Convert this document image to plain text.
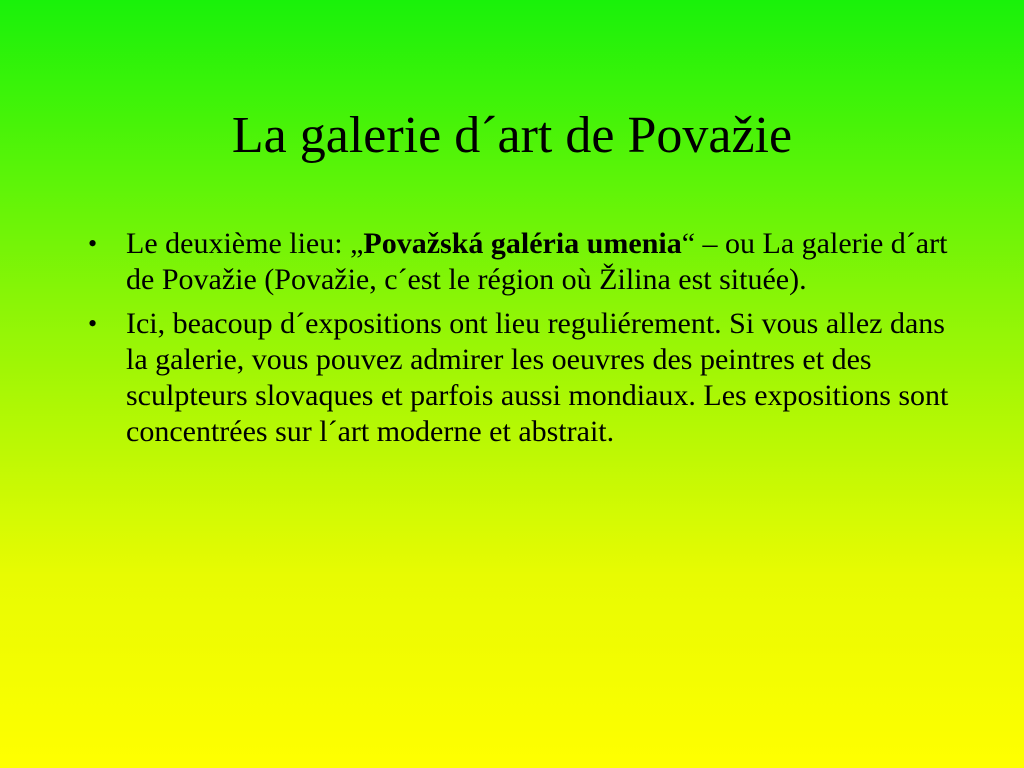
La galerie d´art de Považie
• Le deuxième lieu: „Považská galéria umenia“ – ou La galerie d´art de Považie (Považie, c´est le région où Žilina est située).
• Ici, beacoup d´expositions ont lieu reguliérement. Si vous allez dans la galerie, vous pouvez admirer les oeuvres des peintres et des sculpteurs slovaques et parfois aussi mondiaux. Les expositions sont concentrées sur l´art moderne et abstrait.
